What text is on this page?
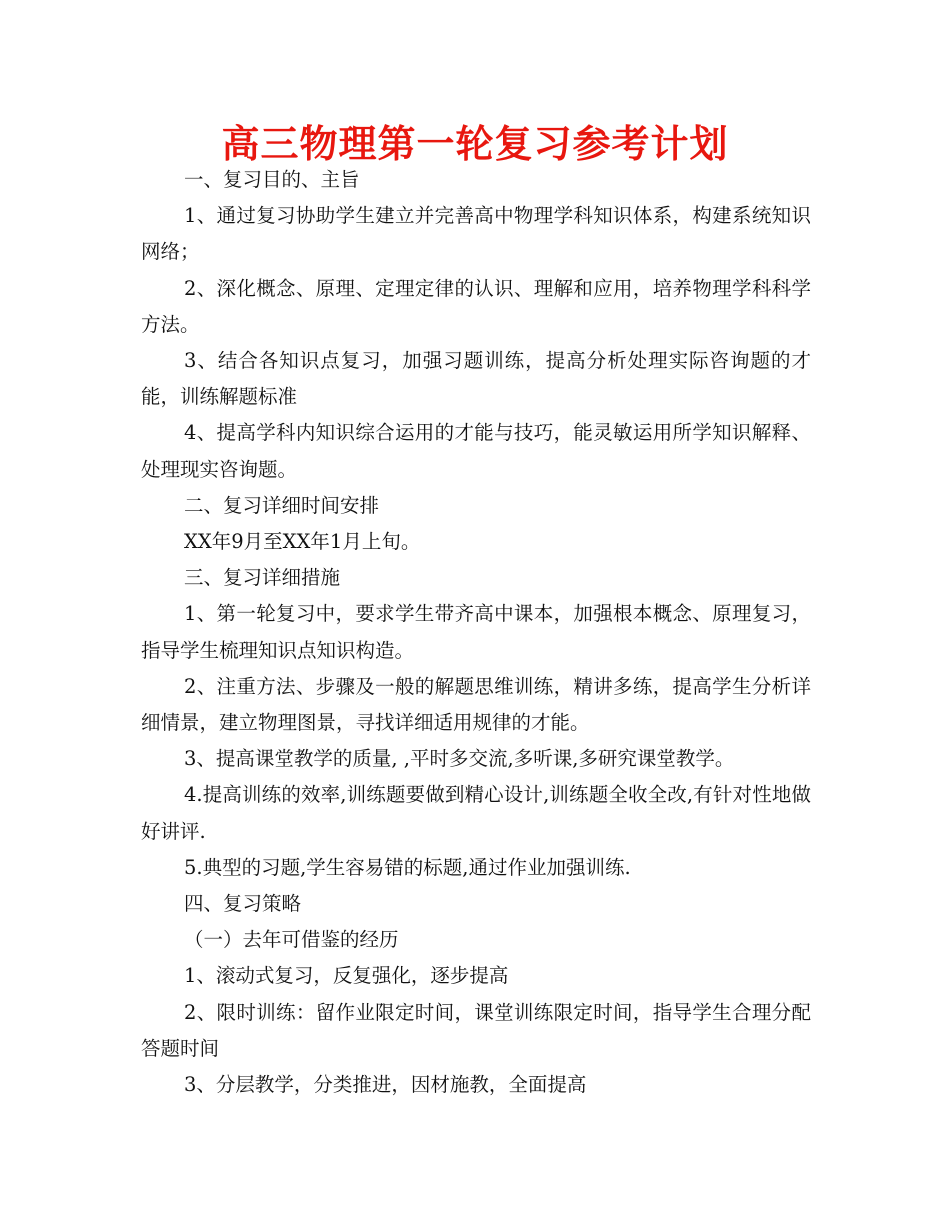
高三物理第一轮复习参考计划

一、复习目的、主旨

1、通过复习协助学生建立并完善高中物理学科知识体系，构建系统知识网络；

2、深化概念、原理、定理定律的认识、理解和应用，培养物理学科科学方法。

3、结合各知识点复习，加强习题训练，提高分析处理实际咨询题的才能，训练解题标准

4、提高学科内知识综合运用的才能与技巧，能灵敏运用所学知识解释、处理现实咨询题。

二、复习详细时间安排

XX年9月至XX年1月上旬。

三、复习详细措施

1、第一轮复习中，要求学生带齐高中课本，加强根本概念、原理复习，指导学生梳理知识点知识构造。

2、注重方法、步骤及一般的解题思维训练，精讲多练，提高学生分析详细情景，建立物理图景，寻找详细适用规律的才能。

3、提高课堂教学的质量, ,平时多交流,多听课,多研究课堂教学。

4.提高训练的效率,训练题要做到精心设计,训练题全收全改,有针对性地做好讲评.

5.典型的习题,学生容易错的标题,通过作业加强训练.

四、复习策略

（一）去年可借鉴的经历

1、滚动式复习，反复强化，逐步提高

2、限时训练：留作业限定时间，课堂训练限定时间，指导学生合理分配答题时间

3、分层教学，分类推进，因材施教，全面提高
